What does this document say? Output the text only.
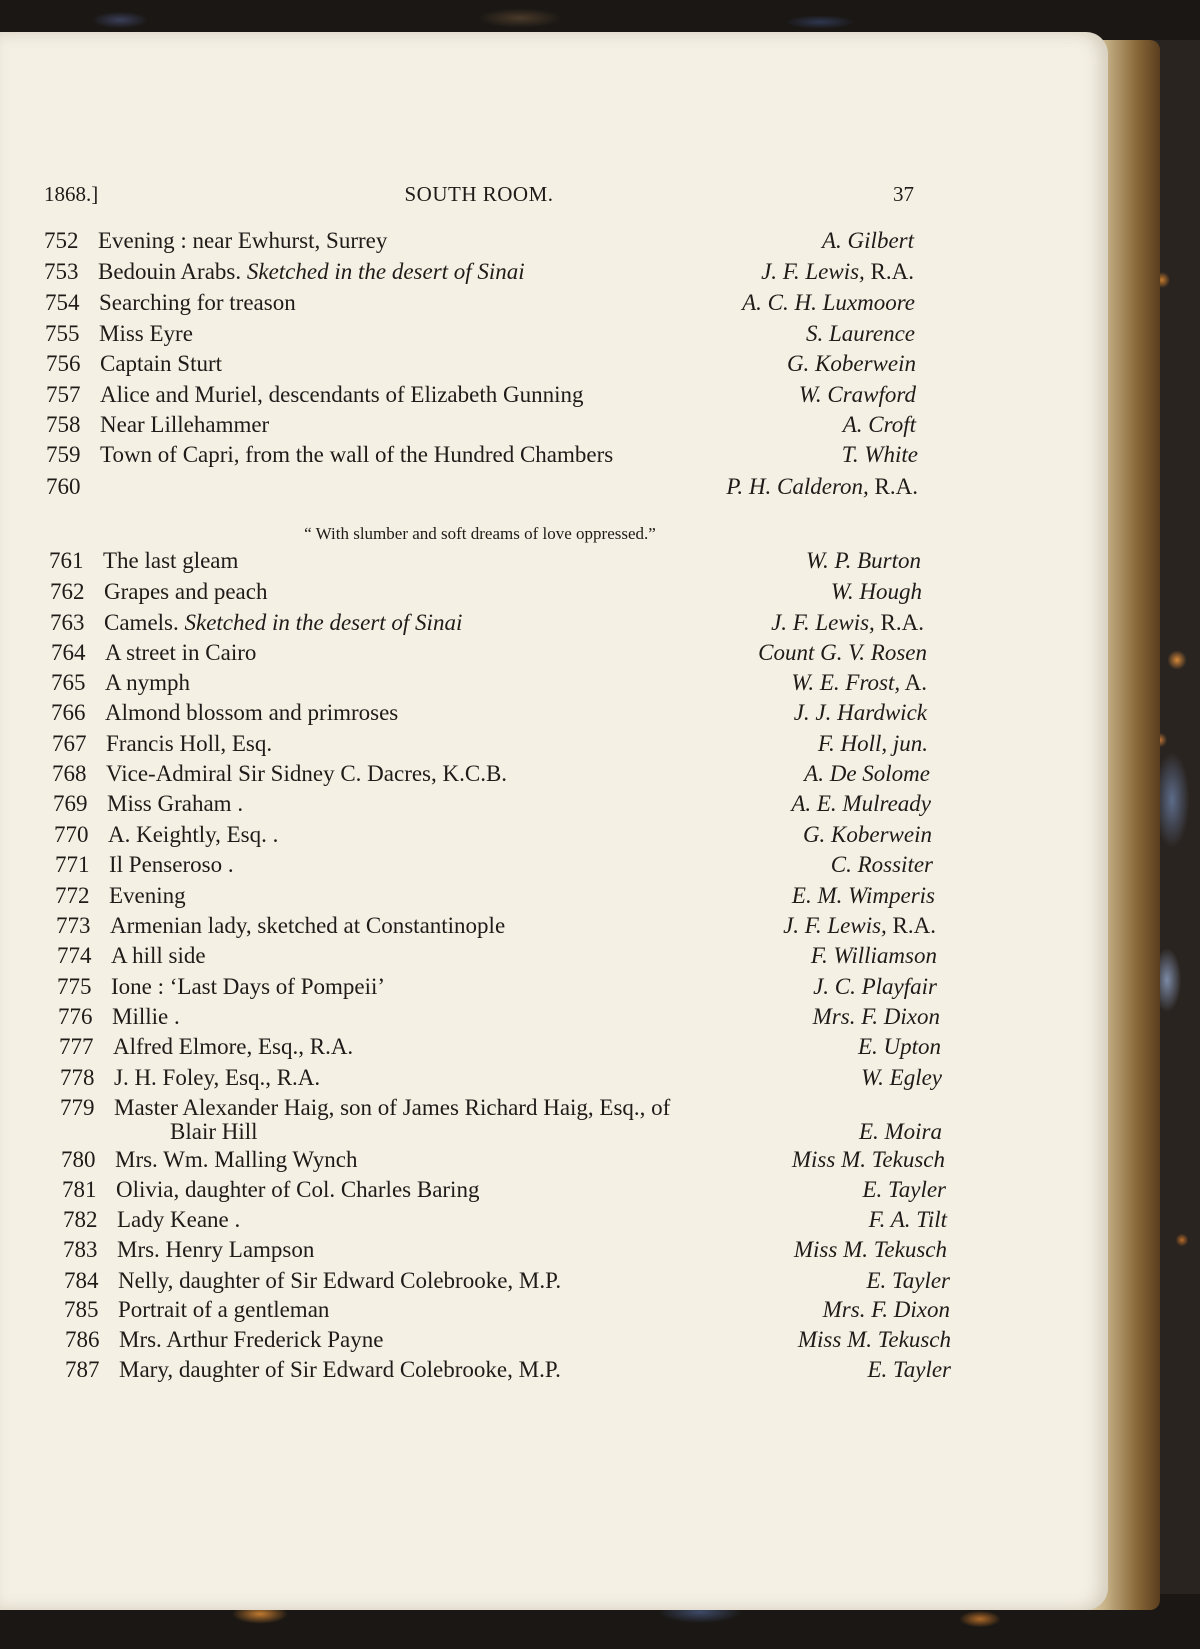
1868.]	SOUTH ROOM.	37
752 Evening : near Ewhurst, Surrey	A. Gilbert
753 Bedouin Arabs. Sketched in the desert of Sinai	J. F. Lewis, R.A.
754 Searching for treason	A. C. H. Luxmoore
755 Miss Eyre	S. Laurence
756 Captain Sturt	G. Koberwein
757 Alice and Muriel, descendants of Elizabeth Gunning	W. Crawford
758 Near Lillehammer	A. Croft
759 Town of Capri, from the wall of the Hundred Chambers	T. White
760	P. H. Calderon, R.A.
761 The last gleam	W. P. Burton
762 Grapes and peach	W. Hough
763 Camels. Sketched in the desert of Sinai	J. F. Lewis, R.A.
764 A street in Cairo	Count G. V. Rosen
765 A nymph	W. E. Frost, A.
766 Almond blossom and primroses	J. J. Hardwick
767 Francis Holl, Esq.	F. Holl, jun.
768 Vice-Admiral Sir Sidney C. Dacres, K.C.B.	A. De Solome
769 Miss Graham .	A. E. Mulready
770 A. Keightly, Esq. .	G. Koberwein
771 Il Penseroso .	C. Rossiter
772 Evening	E. M. Wimperis
773 Armenian lady, sketched at Constantinople	J. F. Lewis, R.A.
774 A hill side	F. Williamson
775 Ione : ‘Last Days of Pompeii’	J. C. Playfair
776 Millie .	Mrs. F. Dixon
777 Alfred Elmore, Esq., R.A.	E. Upton
778 J. H. Foley, Esq., R.A.	W. Egley
779 Master Alexander Haig, son of James Richard Haig, Esq., of
Blair Hill	E. Moira
780 Mrs. Wm. Malling Wynch	Miss M. Tekusch
781 Olivia, daughter of Col. Charles Baring	E. Tayler
782 Lady Keane .	F. A. Tilt
783 Mrs. Henry Lampson	Miss M. Tekusch
784 Nelly, daughter of Sir Edward Colebrooke, M.P.	E. Tayler
785 Portrait of a gentleman	Mrs. F. Dixon
786 Mrs. Arthur Frederick Payne	Miss M. Tekusch
787 Mary, daughter of Sir Edward Colebrooke, M.P.	E. Tayler
“ With slumber and soft dreams of love oppressed.”
